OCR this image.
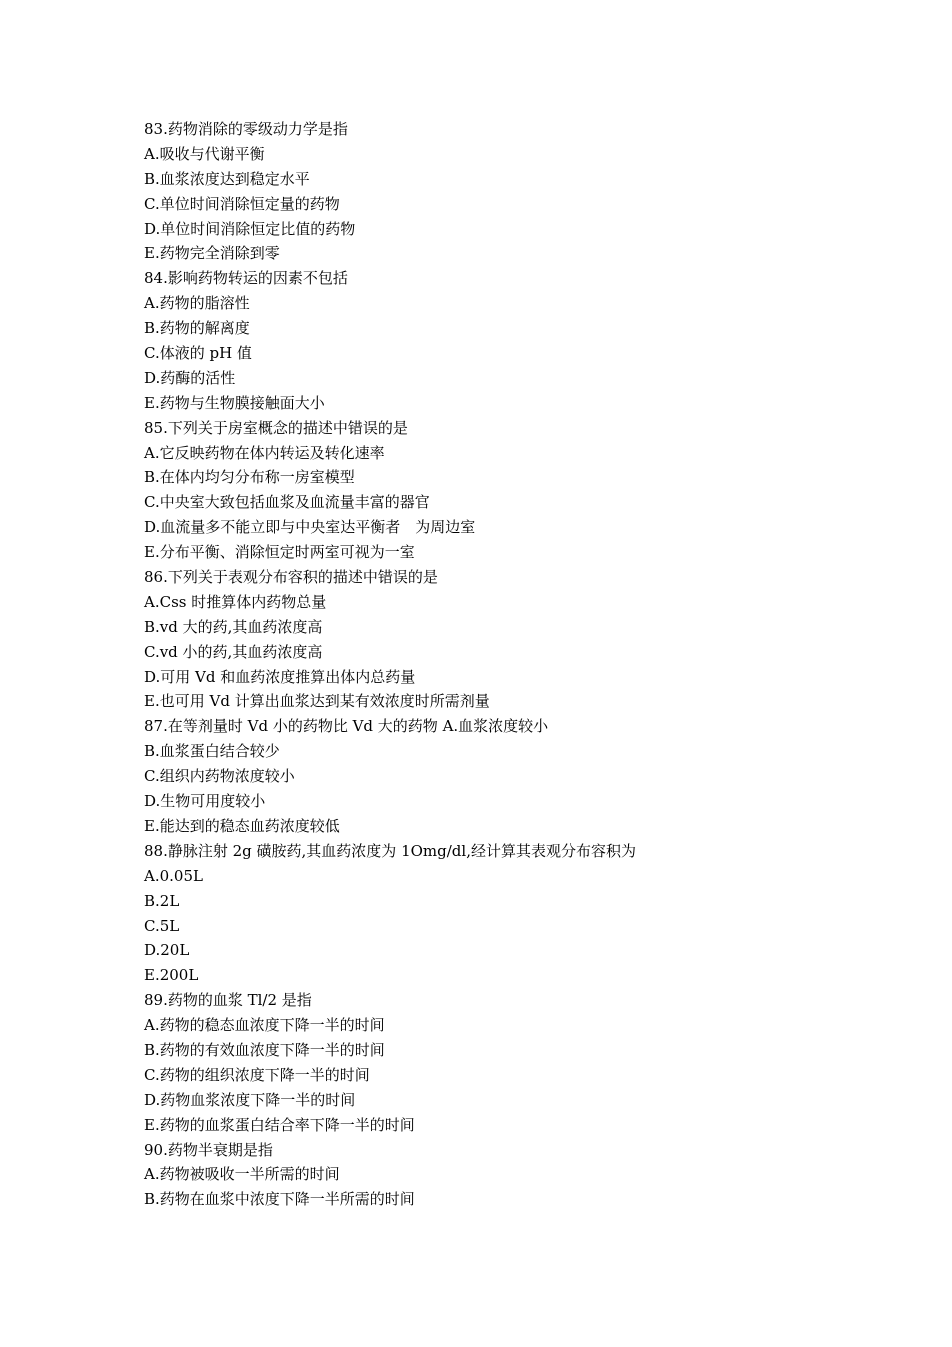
83.药物消除的零级动力学是指
A.吸收与代谢平衡
B.血浆浓度达到稳定水平
C.单位时间消除恒定量的药物
D.单位时间消除恒定比值的药物
E.药物完全消除到零
84.影响药物转运的因素不包括
A.药物的脂溶性
B.药物的解离度
C.体液的 pH 值
D.药酶的活性
E.药物与生物膜接触面大小
85.下列关于房室概念的描述中错误的是
A.它反映药物在体内转运及转化速率
B.在体内均匀分布称一房室模型
C.中央室大致包括血浆及血流量丰富的器官
D.血流量多不能立即与中央室达平衡者　为周边室
E.分布平衡、消除恒定时两室可视为一室
86.下列关于表观分布容积的描述中错误的是
A.Css 时推算体内药物总量
B.vd 大的药,其血药浓度高
C.vd 小的药,其血药浓度高
D.可用 Vd 和血药浓度推算出体内总药量
E.也可用 Vd 计算出血浆达到某有效浓度时所需剂量
87.在等剂量时 Vd 小的药物比 Vd 大的药物 A.血浆浓度较小
B.血浆蛋白结合较少
C.组织内药物浓度较小
D.生物可用度较小
E.能达到的稳态血药浓度较低
88.静脉注射 2g 磺胺药,其血药浓度为 1Omg/dl,经计算其表观分布容积为
A.0.05L
B.2L
C.5L
D.20L
E.200L
89.药物的血浆 Tl/2 是指
A.药物的稳态血浓度下降一半的时间
B.药物的有效血浓度下降一半的时间
C.药物的组织浓度下降一半的时间
D.药物血浆浓度下降一半的时间
E.药物的血浆蛋白结合率下降一半的时间
90.药物半衰期是指
A.药物被吸收一半所需的时间
B.药物在血浆中浓度下降一半所需的时间
